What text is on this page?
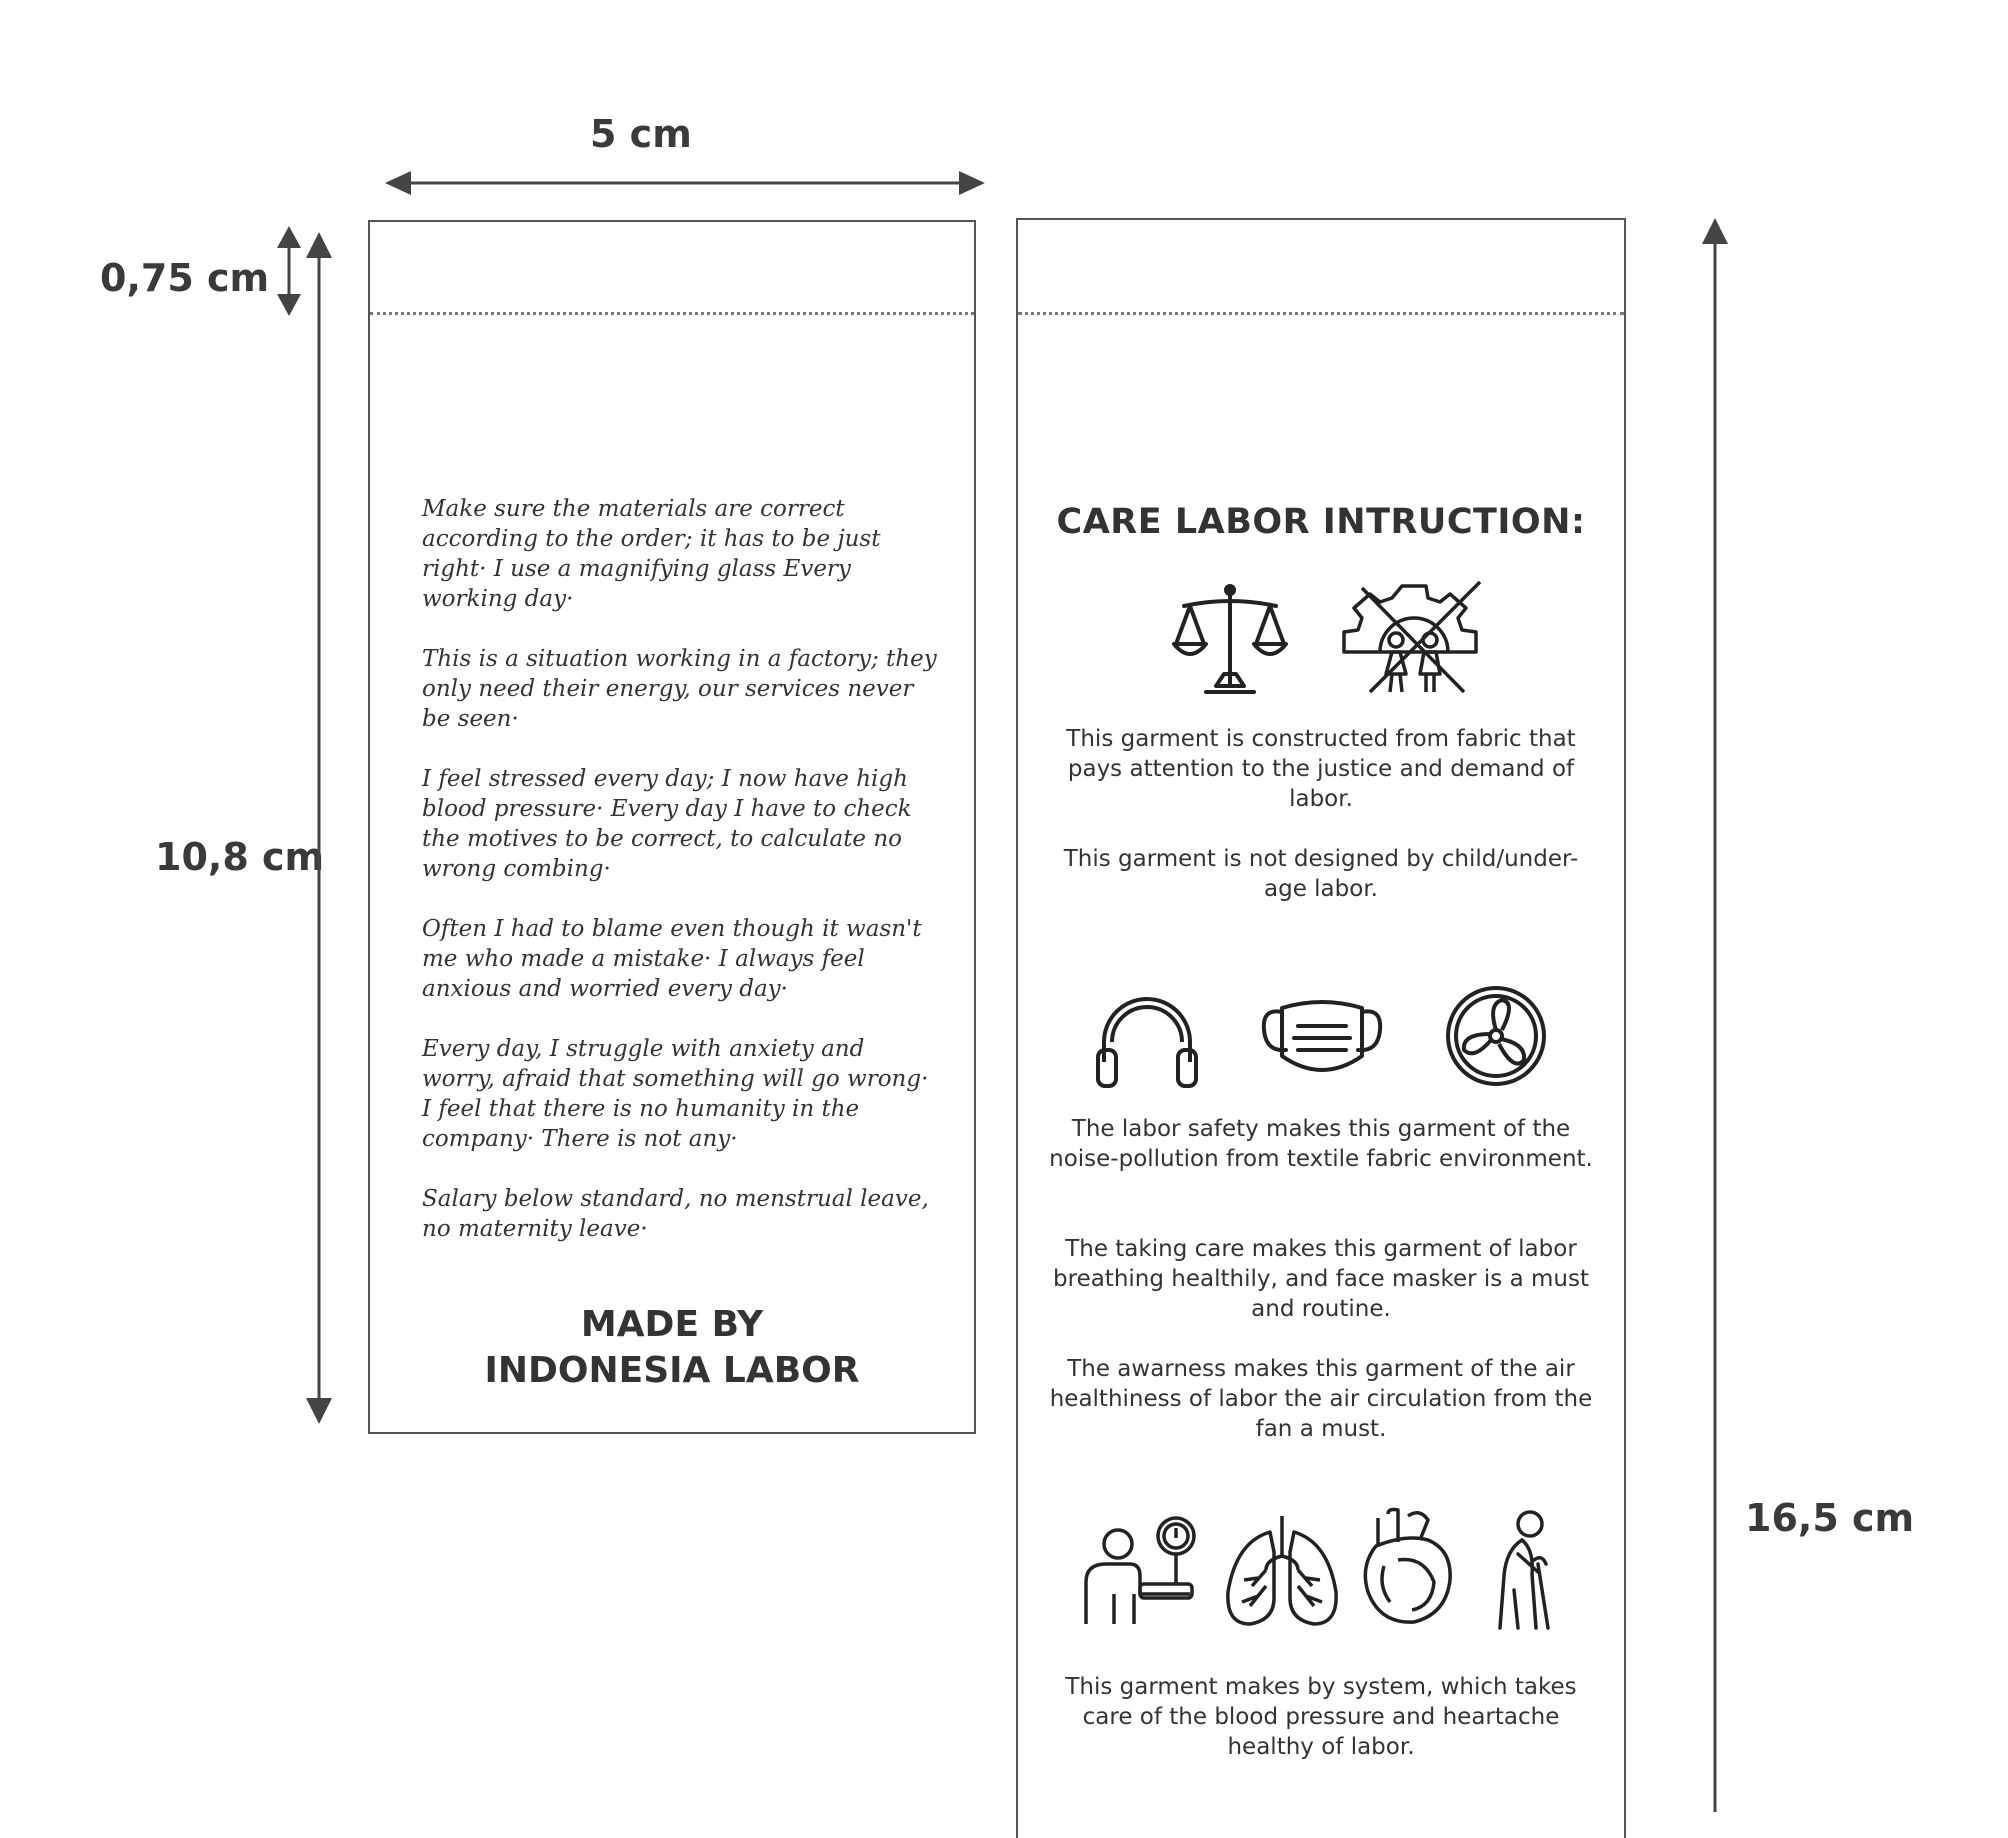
5 cm
0,75 cm
10,8 cm
16,5 cm

Make sure the materials are correct according to the order; it has to be just right· I use a magnifying glass Every working day·

This is a situation working in a factory; they only need their energy, our services never be seen·

I feel stressed every day; I now have high blood pressure· Every day I have to check the motives to be correct, to calculate no wrong combing·

Often I had to blame even though it wasn't me who made a mistake· I always feel anxious and worried every day·

Every day, I struggle with anxiety and worry, afraid that something will go wrong· I feel that there is no humanity in the company· There is not any·

Salary below standard, no menstrual leave, no maternity leave·

MADE BY
INDONESIA LABOR
CARE LABOR INTRUCTION:
This garment is constructed from fabric that pays attention to the justice and demand of labor.
This garment is not designed by child/under-age labor.
The labor safety makes this garment of the noise-pollution from textile fabric environment.
The taking care makes this garment of labor breathing healthily, and face masker is a must and routine.
The awarness makes this garment of the air healthiness of labor the air circulation from the fan a must.
This garment makes by system, which takes care of the blood pressure and heartache healthy of labor.
